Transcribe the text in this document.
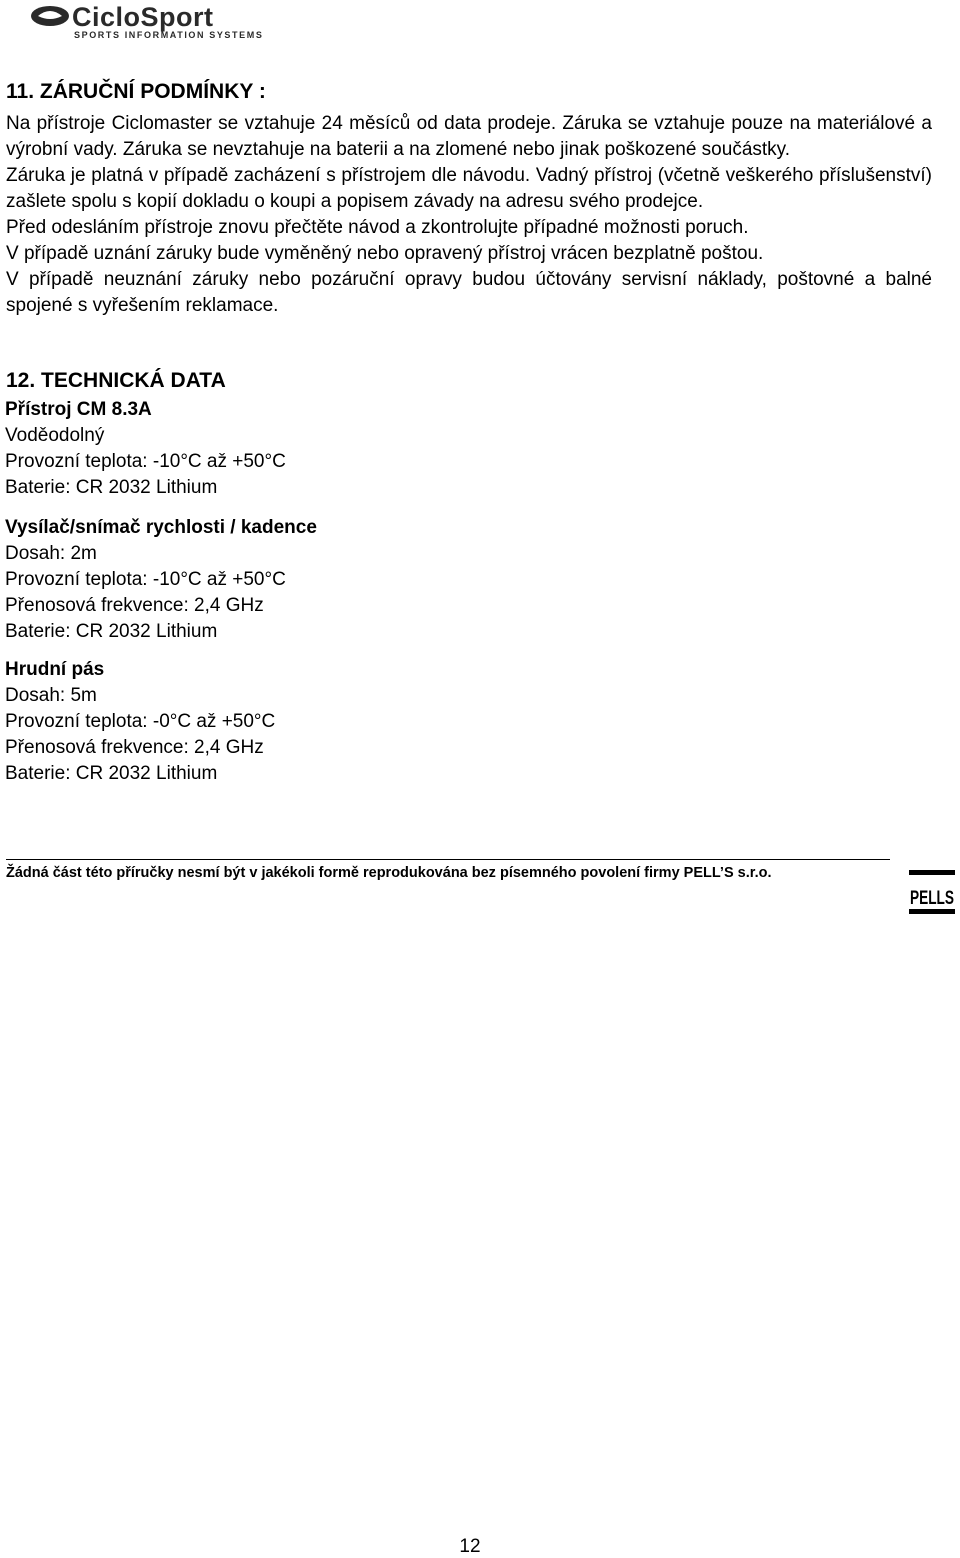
CicloSport
SPORTS INFORMATION SYSTEMS
11. ZÁRUČNÍ PODMÍNKY :

Na přístroje Ciclomaster se vztahuje 24 měsíců od data prodeje. Záruka se vztahuje pouze na materiálové a výrobní vady. Záruka se nevztahuje na baterii a na zlomené nebo jinak poškozené součástky.

Záruka je platná v případě zacházení s přístrojem dle návodu. Vadný přístroj (včetně veškerého příslušenství) zašlete spolu s kopií dokladu o koupi a popisem závady na adresu svého prodejce.

Před odesláním přístroje znovu přečtěte návod a zkontrolujte případné možnosti poruch.

V případě uznání záruky bude vyměněný nebo opravený přístroj vrácen bezplatně poštou.

V případě neuznání záruky nebo pozáruční opravy budou účtovány servisní náklady, poštovné a balné spojené s vyřešením reklamace.

12. TECHNICKÁ DATA

Přístroj CM 8.3A

Voděodolný

Provozní teplota: -10°C až +50°C

Baterie: CR 2032 Lithium

Vysílač/snímač rychlosti / kadence

Dosah: 2m

Provozní teplota: -10°C až +50°C

Přenosová frekvence: 2,4 GHz

Baterie: CR 2032 Lithium

Hrudní pás

Dosah: 5m

Provozní teplota: -0°C až +50°C

Přenosová frekvence: 2,4 GHz

Baterie: CR 2032 Lithium

Žádná část této příručky nesmí být v jakékoli formě reprodukována bez písemného povolení firmy PELL’S s.r.o.
PELLS
12
